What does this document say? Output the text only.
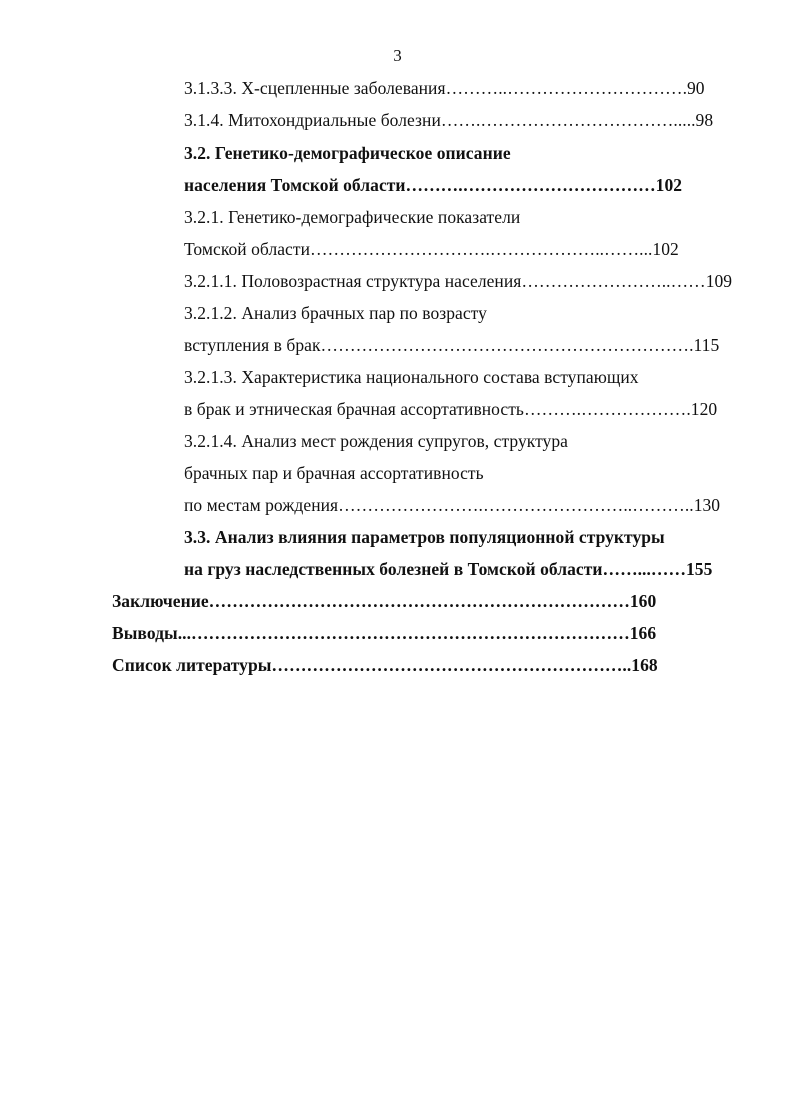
3
3.1.3.3. Х-сцепленные заболевания………..………………………….90
3.1.4. Митохондриальные болезни…….…………………………….....98
3.2. Генетико-демографическое описание
населения Томской области……….……………………………102
3.2.1. Генетико-демографические показатели
Томской области………………………….………………..……...102
3.2.1.1. Половозрастная структура населения……………………..……109
3.2.1.2. Анализ брачных пар по возрасту
вступления в брак……………………………………………………….115
3.2.1.3. Характеристика национального состава вступающих
в брак и этническая брачная ассортативность……….……………….120
3.2.1.4. Анализ мест рождения супругов, структура
брачных пар и брачная ассортативность
по местам рождения…………………….……………………..………..130
3.3. Анализ влияния параметров популяционной структуры
на груз наследственных болезней в Томской области……...……155
Заключение………………………………………………………………160
Выводы...…………………………………………………………………166
Список литературы……………………………………………………..168
